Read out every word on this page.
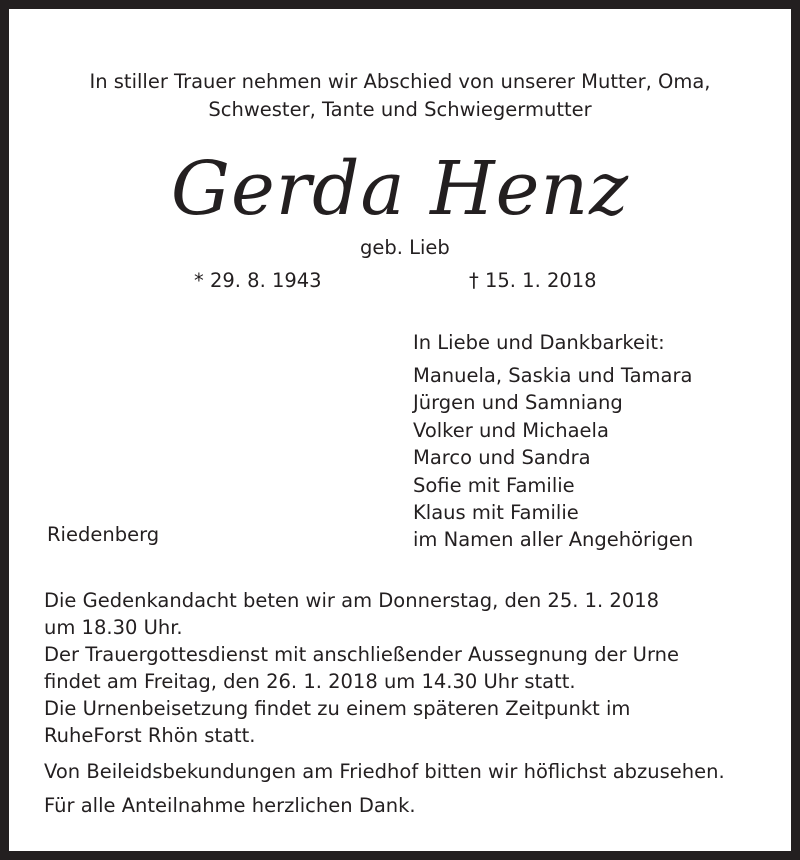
In stiller Trauer nehmen wir Abschied von unserer Mutter, Oma,
Schwester, Tante und Schwiegermutter
Gerda Henz
geb. Lieb
* 29. 8. 1943	† 15. 1. 2018
In Liebe und Dankbarkeit:
Manuela, Saskia und Tamara
Jürgen und Samniang
Volker und Michaela
Marco und Sandra
Sofie mit Familie
Klaus mit Familie
im Namen aller Angehörigen
Riedenberg
Die Gedenkandacht beten wir am Donnerstag, den 25. 1. 2018
um 18.30 Uhr.
Der Trauergottesdienst mit anschließender Aussegnung der Urne
findet am Freitag, den 26. 1. 2018 um 14.30 Uhr statt.
Die Urnenbeisetzung findet zu einem späteren Zeitpunkt im
RuheForst Rhön statt.
Von Beileidsbekundungen am Friedhof bitten wir höflichst abzusehen.
Für alle Anteilnahme herzlichen Dank.
